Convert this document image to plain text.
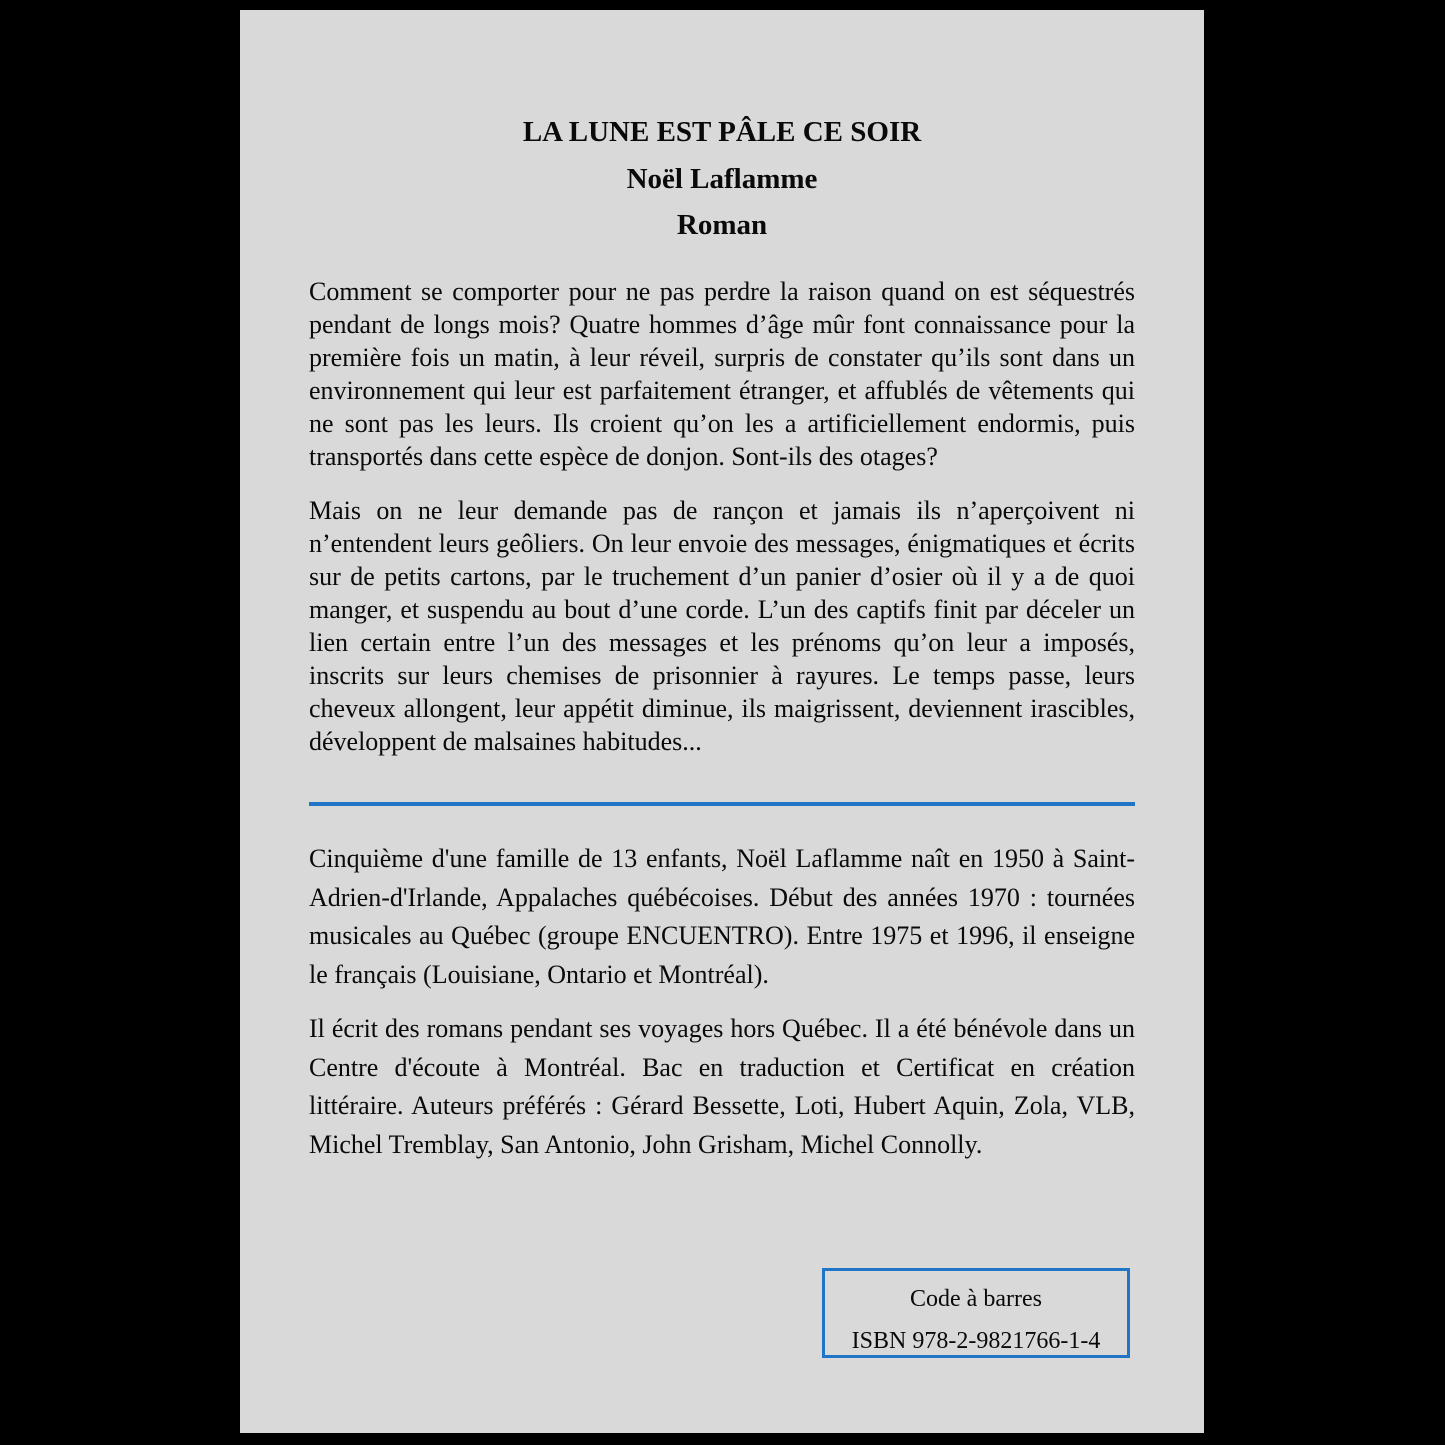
LA LUNE EST PÂLE CE SOIR
Noël Laflamme
Roman

Comment se comporter pour ne pas perdre la raison quand on est séquestrés pendant de longs mois? Quatre hommes d’âge mûr font connaissance pour la première fois un matin, à leur réveil, surpris de constater qu’ils sont dans un environnement qui leur est parfaitement étranger, et affublés de vêtements qui ne sont pas les leurs. Ils croient qu’on les a artificiellement endormis, puis transportés dans cette espèce de donjon. Sont-ils des otages?

Mais on ne leur demande pas de rançon et jamais ils n’aperçoivent ni n’entendent leurs geôliers. On leur envoie des messages, énigmatiques et écrits sur de petits cartons, par le truchement d’un panier d’osier où il y a de quoi manger, et suspendu au bout d’une corde. L’un des captifs finit par déceler un lien certain entre l’un des messages et les prénoms qu’on leur a imposés, inscrits sur leurs chemises de prisonnier à rayures. Le temps passe, leurs cheveux allongent, leur appétit diminue, ils maigrissent, deviennent irascibles, développent de malsaines habitudes...

Cinquième d'une famille de 13 enfants, Noël Laflamme naît en 1950 à Saint-Adrien-d'Irlande, Appalaches québécoises. Début des années 1970 : tournées musicales au Québec (groupe ENCUENTRO). Entre 1975 et 1996, il enseigne le français (Louisiane, Ontario et Montréal).

Il écrit des romans pendant ses voyages hors Québec. Il a été bénévole dans un Centre d'écoute à Montréal. Bac en traduction et Certificat en création littéraire. Auteurs préférés : Gérard Bessette, Loti, Hubert Aquin, Zola, VLB, Michel Tremblay, San Antonio, John Grisham, Michel Connolly.

Code à barres
ISBN 978-2-9821766-1-4
